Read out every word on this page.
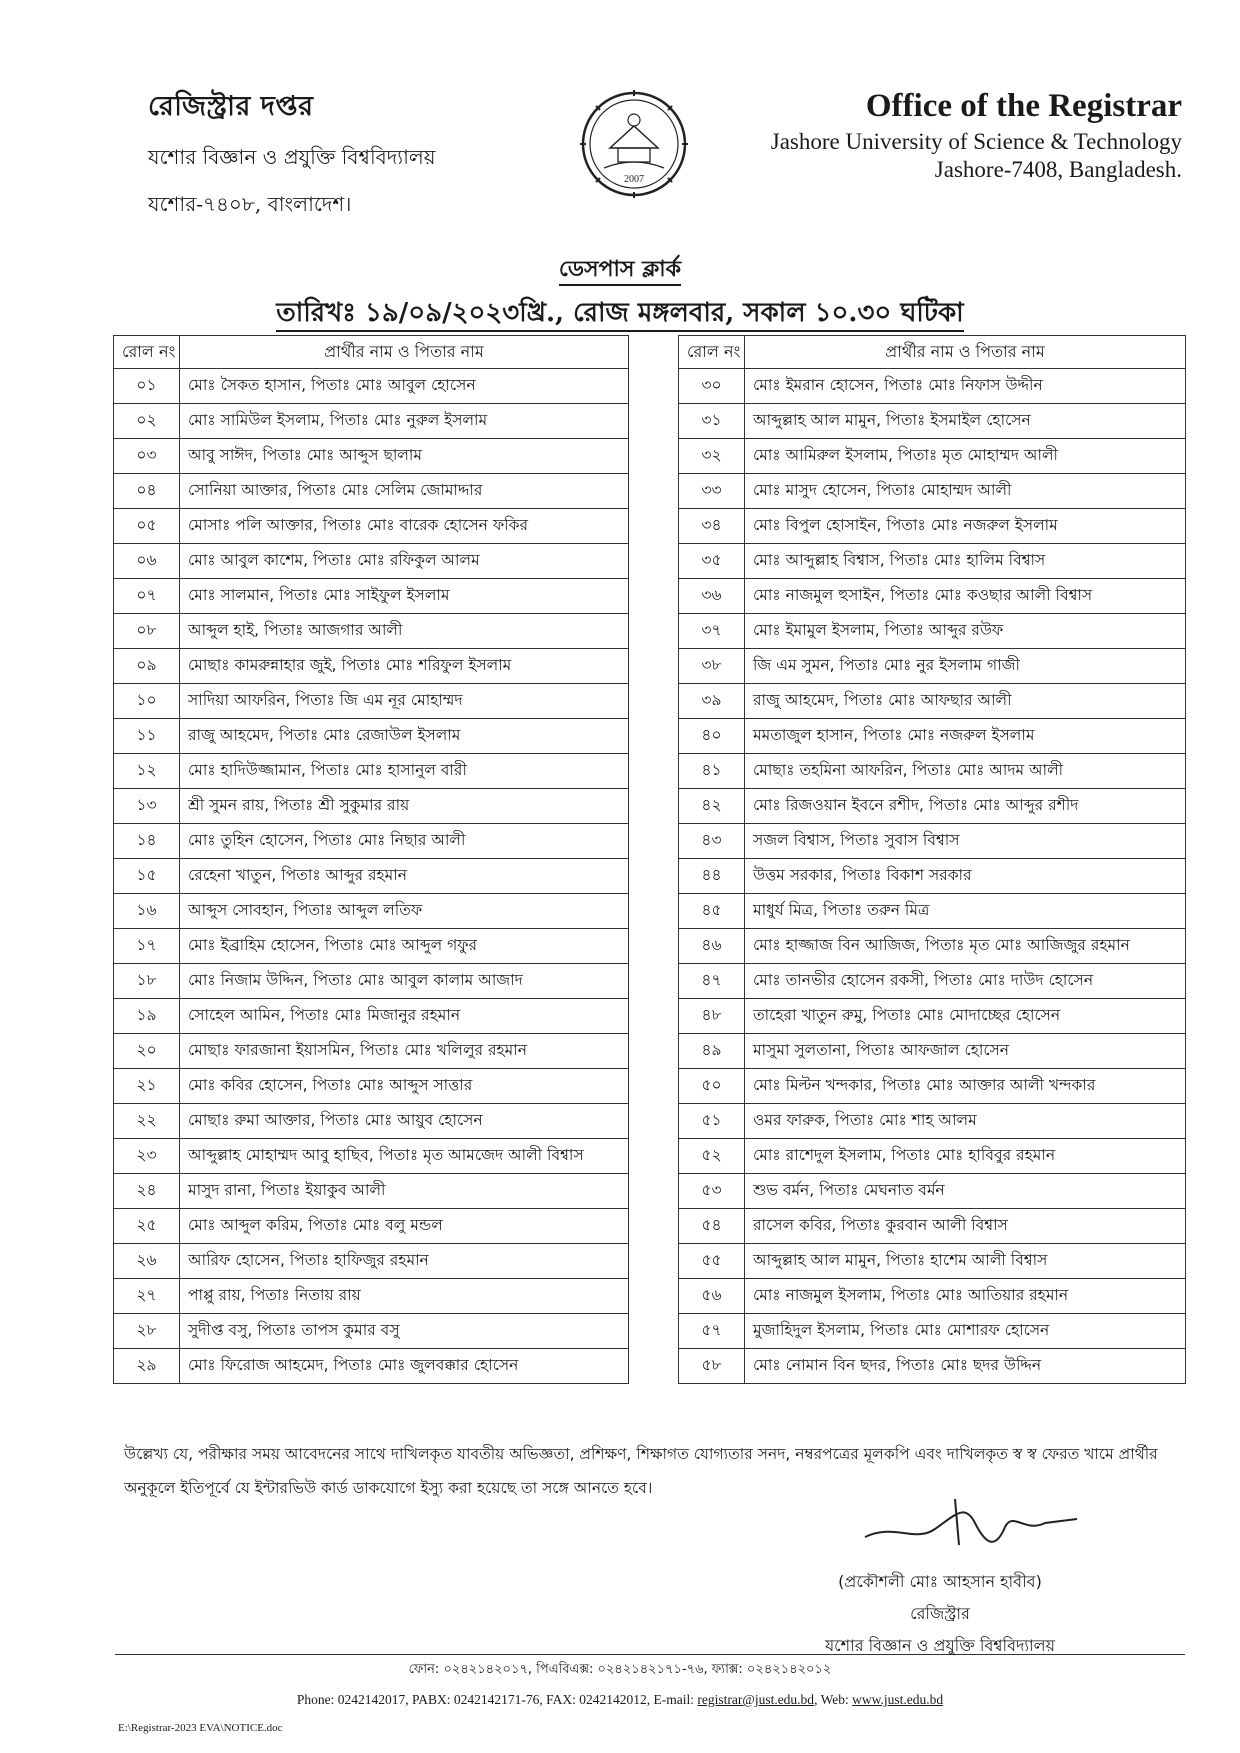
রেজিস্ট্রার দপ্তর
যশোর বিজ্ঞান ও প্রযুক্তি বিশ্ববিদ্যালয়
যশোর-৭৪০৮, বাংলাদেশ।
2007
Office of the Registrar
Jashore University of Science & Technology
Jashore-7408, Bangladesh.
ডেসপাস ক্লার্ক
তারিখঃ ১৯/০৯/২০২৩খ্রি., রোজ মঙ্গলবার, সকাল ১০.৩০ ঘটিকা
রোল নং	প্রার্থীর নাম ও পিতার নাম
০১	মোঃ সৈকত হাসান, পিতাঃ মোঃ আবুল হোসেন
০২	মোঃ সামিউল ইসলাম, পিতাঃ মোঃ নুরুল ইসলাম
০৩	আবু সাঈদ, পিতাঃ মোঃ আব্দুস ছালাম
০৪	সোনিয়া আক্তার, পিতাঃ মোঃ সেলিম জোমাদ্দার
০৫	মোসাঃ পলি আক্তার, পিতাঃ মোঃ বারেক হোসেন ফকির
০৬	মোঃ আবুল কাশেম, পিতাঃ মোঃ রফিকুল আলম
০৭	মোঃ সালমান, পিতাঃ মোঃ সাইফুল ইসলাম
০৮	আব্দুল হাই, পিতাঃ আজগার আলী
০৯	মোছাঃ কামরুন্নাহার জুই, পিতাঃ মোঃ শরিফুল ইসলাম
১০	সাদিয়া আফরিন, পিতাঃ জি এম নূর মোহাম্মদ
১১	রাজু আহমেদ, পিতাঃ মোঃ রেজাউল ইসলাম
১২	মোঃ হাদিউজ্জামান, পিতাঃ মোঃ হাসানুল বারী
১৩	শ্রী সুমন রায়, পিতাঃ শ্রী সুকুমার রায়
১৪	মোঃ তুহিন হোসেন, পিতাঃ মোঃ নিছার আলী
১৫	রেহেনা খাতুন, পিতাঃ আব্দুর রহমান
১৬	আব্দুস সোবহান, পিতাঃ আব্দুল লতিফ
১৭	মোঃ ইব্রাহিম হোসেন, পিতাঃ মোঃ আব্দুল গফুর
১৮	মোঃ নিজাম উদ্দিন, পিতাঃ মোঃ আবুল কালাম আজাদ
১৯	সোহেল আমিন, পিতাঃ মোঃ মিজানুর রহমান
২০	মোছাঃ ফারজানা ইয়াসমিন, পিতাঃ মোঃ খলিলুর রহমান
২১	মোঃ কবির হোসেন, পিতাঃ মোঃ আব্দুস সাত্তার
২২	মোছাঃ রুমা আক্তার, পিতাঃ মোঃ আয়ুব হোসেন
২৩	আব্দুল্লাহ মোহাম্মদ আবু হাছিব, পিতাঃ মৃত আমজেদ আলী বিশ্বাস
২৪	মাসুদ রানা, পিতাঃ ইয়াকুব আলী
২৫	মোঃ আব্দুল করিম, পিতাঃ মোঃ বলু মন্ডল
২৬	আরিফ হোসেন, পিতাঃ হাফিজুর রহমান
২৭	পাপ্পু রায়, পিতাঃ নিতায় রায়
২৮	সুদীপ্ত বসু, পিতাঃ তাপস কুমার বসু
২৯	মোঃ ফিরোজ আহমেদ, পিতাঃ মোঃ জুলবক্কার হোসেন
রোল নং	প্রার্থীর নাম ও পিতার নাম
৩০	মোঃ ইমরান হোসেন, পিতাঃ মোঃ নিফাস উদ্দীন
৩১	আব্দুল্লাহ আল মামুন, পিতাঃ ইসমাইল হোসেন
৩২	মোঃ আমিরুল ইসলাম, পিতাঃ মৃত মোহাম্মদ আলী
৩৩	মোঃ মাসুদ হোসেন, পিতাঃ মোহাম্মদ আলী
৩৪	মোঃ বিপুল হোসাইন, পিতাঃ মোঃ নজরুল ইসলাম
৩৫	মোঃ আব্দুল্লাহ বিশ্বাস, পিতাঃ মোঃ হালিম বিশ্বাস
৩৬	মোঃ নাজমুল হুসাইন, পিতাঃ মোঃ কওছার আলী বিশ্বাস
৩৭	মোঃ ইমামুল ইসলাম, পিতাঃ আব্দুর রউফ
৩৮	জি এম সুমন, পিতাঃ মোঃ নুর ইসলাম গাজী
৩৯	রাজু আহমেদ, পিতাঃ মোঃ আফছার আলী
৪০	মমতাজুল হাসান, পিতাঃ মোঃ নজরুল ইসলাম
৪১	মোছাঃ তহমিনা আফরিন, পিতাঃ মোঃ আদম আলী
৪২	মোঃ রিজওয়ান ইবনে রশীদ, পিতাঃ মোঃ আব্দুর রশীদ
৪৩	সজল বিশ্বাস, পিতাঃ সুবাস বিশ্বাস
৪৪	উত্তম সরকার, পিতাঃ বিকাশ সরকার
৪৫	মাধুর্য মিত্র, পিতাঃ তরুন মিত্র
৪৬	মোঃ হাজ্জাজ বিন আজিজ, পিতাঃ মৃত মোঃ আজিজুর রহমান
৪৭	মোঃ তানভীর হোসেন রকসী, পিতাঃ মোঃ দাউদ হোসেন
৪৮	তাহেরা খাতুন রুমু, পিতাঃ মোঃ মোদাচ্ছের হোসেন
৪৯	মাসুমা সুলতানা, পিতাঃ আফজাল হোসেন
৫০	মোঃ মিল্টন খন্দকার, পিতাঃ মোঃ আক্তার আলী খন্দকার
৫১	ওমর ফারুক, পিতাঃ মোঃ শাহ আলম
৫২	মোঃ রাশেদুল ইসলাম, পিতাঃ মোঃ হাবিবুর রহমান
৫৩	শুভ বর্মন, পিতাঃ মেঘনাত বর্মন
৫৪	রাসেল কবির, পিতাঃ কুরবান আলী বিশ্বাস
৫৫	আব্দুল্লাহ আল মামুন, পিতাঃ হাশেম আলী বিশ্বাস
৫৬	মোঃ নাজমুল ইসলাম, পিতাঃ মোঃ আতিয়ার রহমান
৫৭	মুজাহিদুল ইসলাম, পিতাঃ মোঃ মোশারফ হোসেন
৫৮	মোঃ নোমান বিন ছদর, পিতাঃ মোঃ ছদর উদ্দিন
উল্লেখ্য যে, পরীক্ষার সময় আবেদনের সাথে দাখিলকৃত যাবতীয় অভিজ্ঞতা, প্রশিক্ষণ, শিক্ষাগত যোগ্যতার সনদ, নম্বরপত্রের মূলকপি এবং দাখিলকৃত স্ব স্ব ফেরত খামে প্রার্থীর অনুকূলে ইতিপূর্বে যে ইন্টারভিউ কার্ড ডাকযোগে ইস্যু করা হয়েছে তা সঙ্গে আনতে হবে।
(প্রকৌশলী মোঃ আহসান হাবীব)
রেজিস্ট্রার
যশোর বিজ্ঞান ও প্রযুক্তি বিশ্ববিদ্যালয়
ফোন: ০২৪২১৪২০১৭, পিএবিএক্স: ০২৪২১৪২১৭১-৭৬, ফ্যাক্স: ০২৪২১৪২০১২
Phone: 0242142017, PABX: 0242142171-76, FAX: 0242142012, E-mail: registrar@just.edu.bd, Web: www.just.edu.bd
E:\Registrar-2023 EVA\NOTICE.doc
